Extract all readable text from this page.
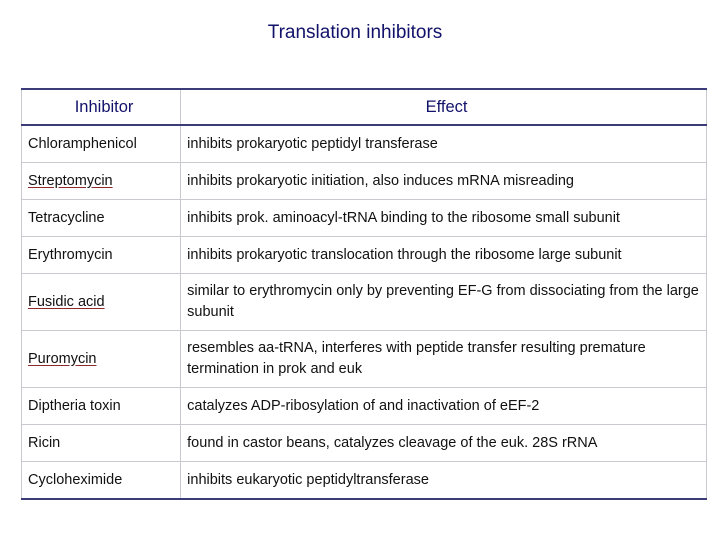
Translation inhibitors
Inhibitor	Effect
Chloramphenicol	inhibits prokaryotic peptidyl transferase
Streptomycin	inhibits prokaryotic initiation, also induces mRNA misreading
Tetracycline	inhibits prok. aminoacyl-tRNA binding to the ribosome small subunit
Erythromycin	inhibits prokaryotic translocation through the ribosome large subunit
Fusidic acid	similar to erythromycin only by preventing EF-G from dissociating from the large subunit
Puromycin	resembles aa-tRNA, interferes with peptide transfer resulting premature termination in prok and euk
Diptheria toxin	catalyzes ADP-ribosylation of and inactivation of eEF-2
Ricin	found in castor beans, catalyzes cleavage of the euk. 28S rRNA
Cycloheximide	inhibits eukaryotic peptidyltransferase
